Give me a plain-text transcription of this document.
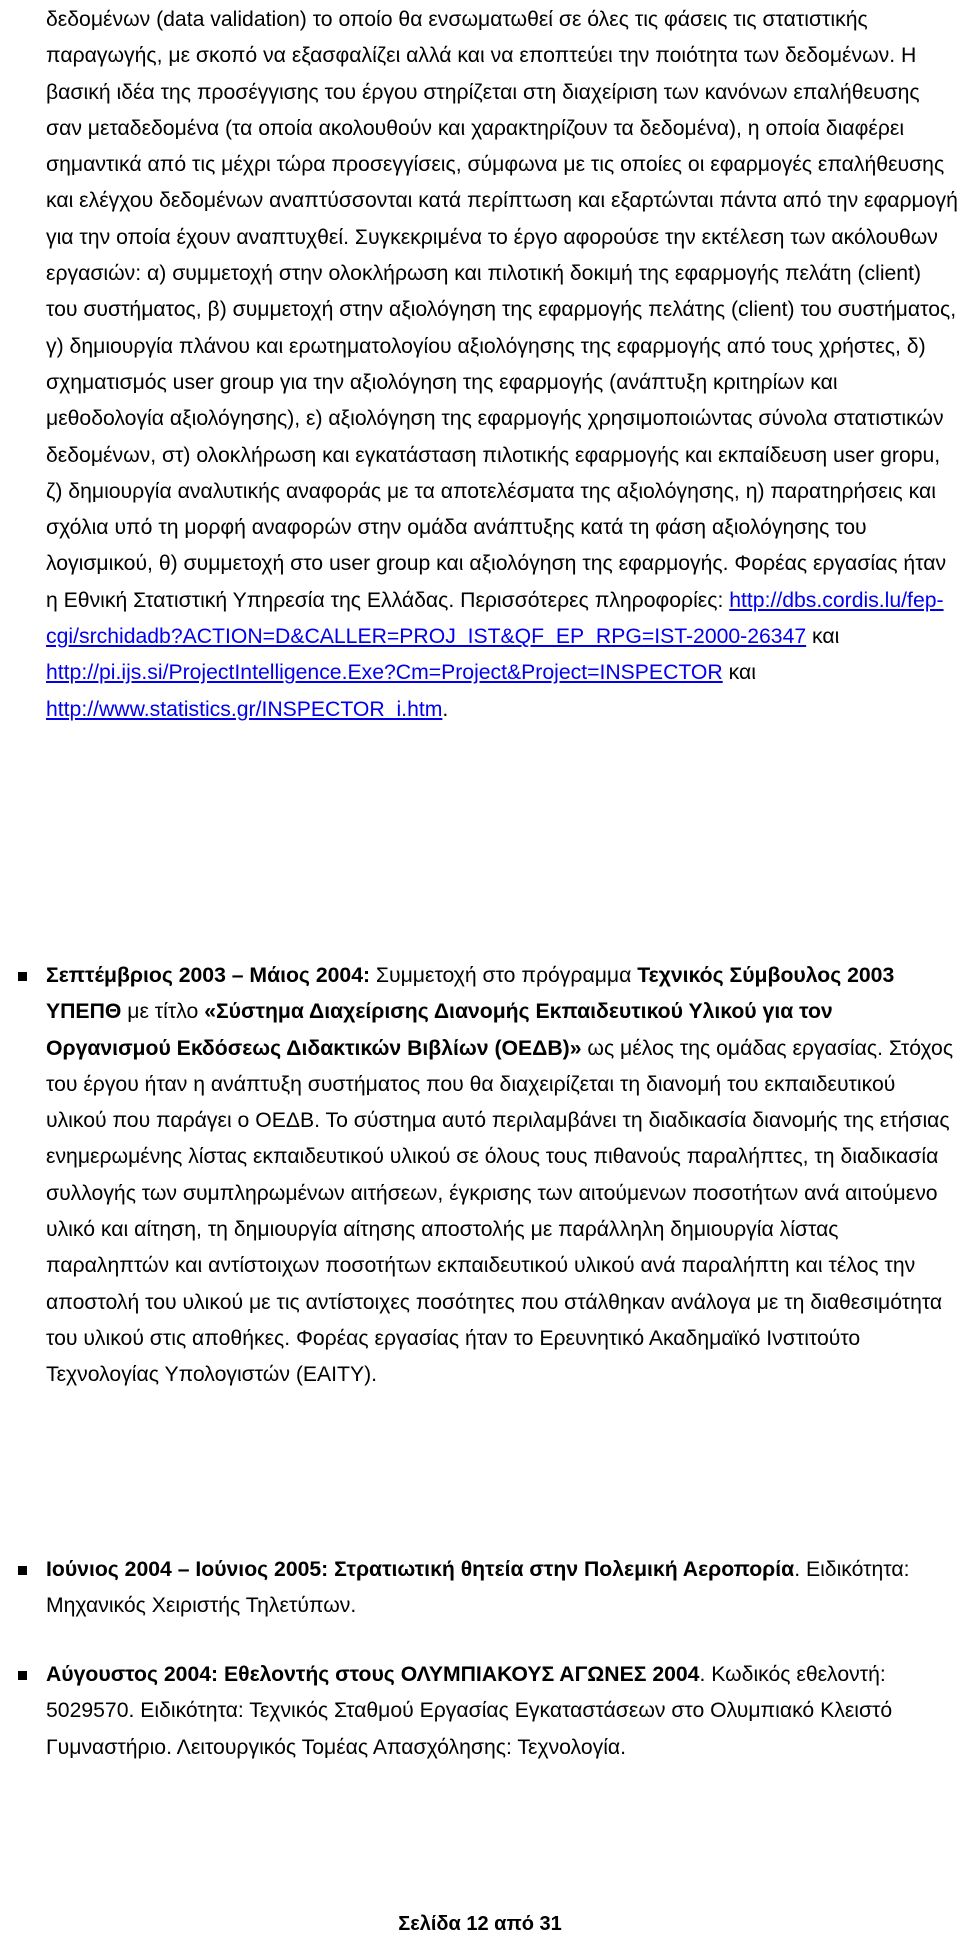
δεδομένων (data validation) το οποίο θα ενσωματωθεί σε όλες τις φάσεις τις στατιστικής παραγωγής, με σκοπό να εξασφαλίζει αλλά και να εποπτεύει την ποιότητα των δεδομένων. Η βασική ιδέα της προσέγγισης του έργου στηρίζεται στη διαχείριση των κανόνων επαλήθευσης σαν μεταδεδομένα (τα οποία ακολουθούν και χαρακτηρίζουν τα δεδομένα), η οποία διαφέρει σημαντικά από τις μέχρι τώρα προσεγγίσεις, σύμφωνα με τις οποίες οι εφαρμογές επαλήθευσης και ελέγχου δεδομένων αναπτύσσονται κατά περίπτωση και εξαρτώνται πάντα από την εφαρμογή για την οποία έχουν αναπτυχθεί. Συγκεκριμένα το έργο αφορούσε την εκτέλεση των ακόλουθων εργασιών: α) συμμετοχή στην ολοκλήρωση και πιλοτική δοκιμή της εφαρμογής πελάτη (client) του συστήματος, β) συμμετοχή στην αξιολόγηση της εφαρμογής πελάτης (client) του συστήματος, γ) δημιουργία πλάνου και ερωτηματολογίου αξιολόγησης της εφαρμογής από τους χρήστες, δ) σχηματισμός user group για την αξιολόγηση της εφαρμογής (ανάπτυξη κριτηρίων και μεθοδολογία αξιολόγησης), ε) αξιολόγηση της εφαρμογής χρησιμοποιώντας σύνολα στατιστικών δεδομένων, στ) ολοκλήρωση και εγκατάσταση πιλοτικής εφαρμογής και εκπαίδευση user gropu, ζ) δημιουργία αναλυτικής αναφοράς με τα αποτελέσματα της αξιολόγησης, η) παρατηρήσεις και σχόλια υπό τη μορφή αναφορών στην ομάδα ανάπτυξης κατά τη φάση αξιολόγησης του λογισμικού, θ) συμμετοχή στο user group και αξιολόγηση της εφαρμογής. Φορέας εργασίας ήταν η Εθνική Στατιστική Υπηρεσία της Ελλάδας. Περισσότερες πληροφορίες: http://dbs.cordis.lu/fep-cgi/srchidadb?ACTION=D&CALLER=PROJ_IST&QF_EP_RPG=IST-2000-26347 και http://pi.ijs.si/ProjectIntelligence.Exe?Cm=Project&Project=INSPECTOR και http://www.statistics.gr/INSPECTOR_i.htm.

Σεπτέμβριος 2003 – Μάιος 2004: Συμμετοχή στο πρόγραμμα Τεχνικός Σύμβουλος 2003 ΥΠΕΠΘ με τίτλο «Σύστημα Διαχείρισης Διανομής Εκπαιδευτικού Υλικού για τον Οργανισμού Εκδόσεως Διδακτικών Βιβλίων (ΟΕΔΒ)» ως μέλος της ομάδας εργασίας. Στόχος του έργου ήταν η ανάπτυξη συστήματος που θα διαχειρίζεται τη διανομή του εκπαιδευτικού υλικού που παράγει ο ΟΕΔΒ. Το σύστημα αυτό περιλαμβάνει τη διαδικασία διανομής της ετήσιας ενημερωμένης λίστας εκπαιδευτικού υλικού σε όλους τους πιθανούς παραλήπτες, τη διαδικασία συλλογής των συμπληρωμένων αιτήσεων, έγκρισης των αιτούμενων ποσοτήτων ανά αιτούμενο υλικό και αίτηση, τη δημιουργία αίτησης αποστολής με παράλληλη δημιουργία λίστας παραληπτών και αντίστοιχων ποσοτήτων εκπαιδευτικού υλικού ανά παραλήπτη και τέλος την αποστολή του υλικού με τις αντίστοιχες ποσότητες που στάλθηκαν ανάλογα με τη διαθεσιμότητα του υλικού στις αποθήκες. Φορέας εργασίας ήταν το Ερευνητικό Ακαδημαϊκό Ινστιτούτο Τεχνολογίας Υπολογιστών (ΕΑΙΤΥ).

Ιούνιος 2004 – Ιούνιος 2005: Στρατιωτική θητεία στην Πολεμική Αεροπορία. Ειδικότητα: Μηχανικός Χειριστής Τηλετύπων.

Αύγουστος 2004: Εθελοντής στους ΟΛΥΜΠΙΑΚΟΥΣ ΑΓΩΝΕΣ 2004. Κωδικός εθελοντή: 5029570. Ειδικότητα: Τεχνικός Σταθμού Εργασίας Εγκαταστάσεων στο Ολυμπιακό Κλειστό Γυμναστήριο. Λειτουργικός Τομέας Απασχόλησης: Τεχνολογία.

Σελίδα 12 από 31
